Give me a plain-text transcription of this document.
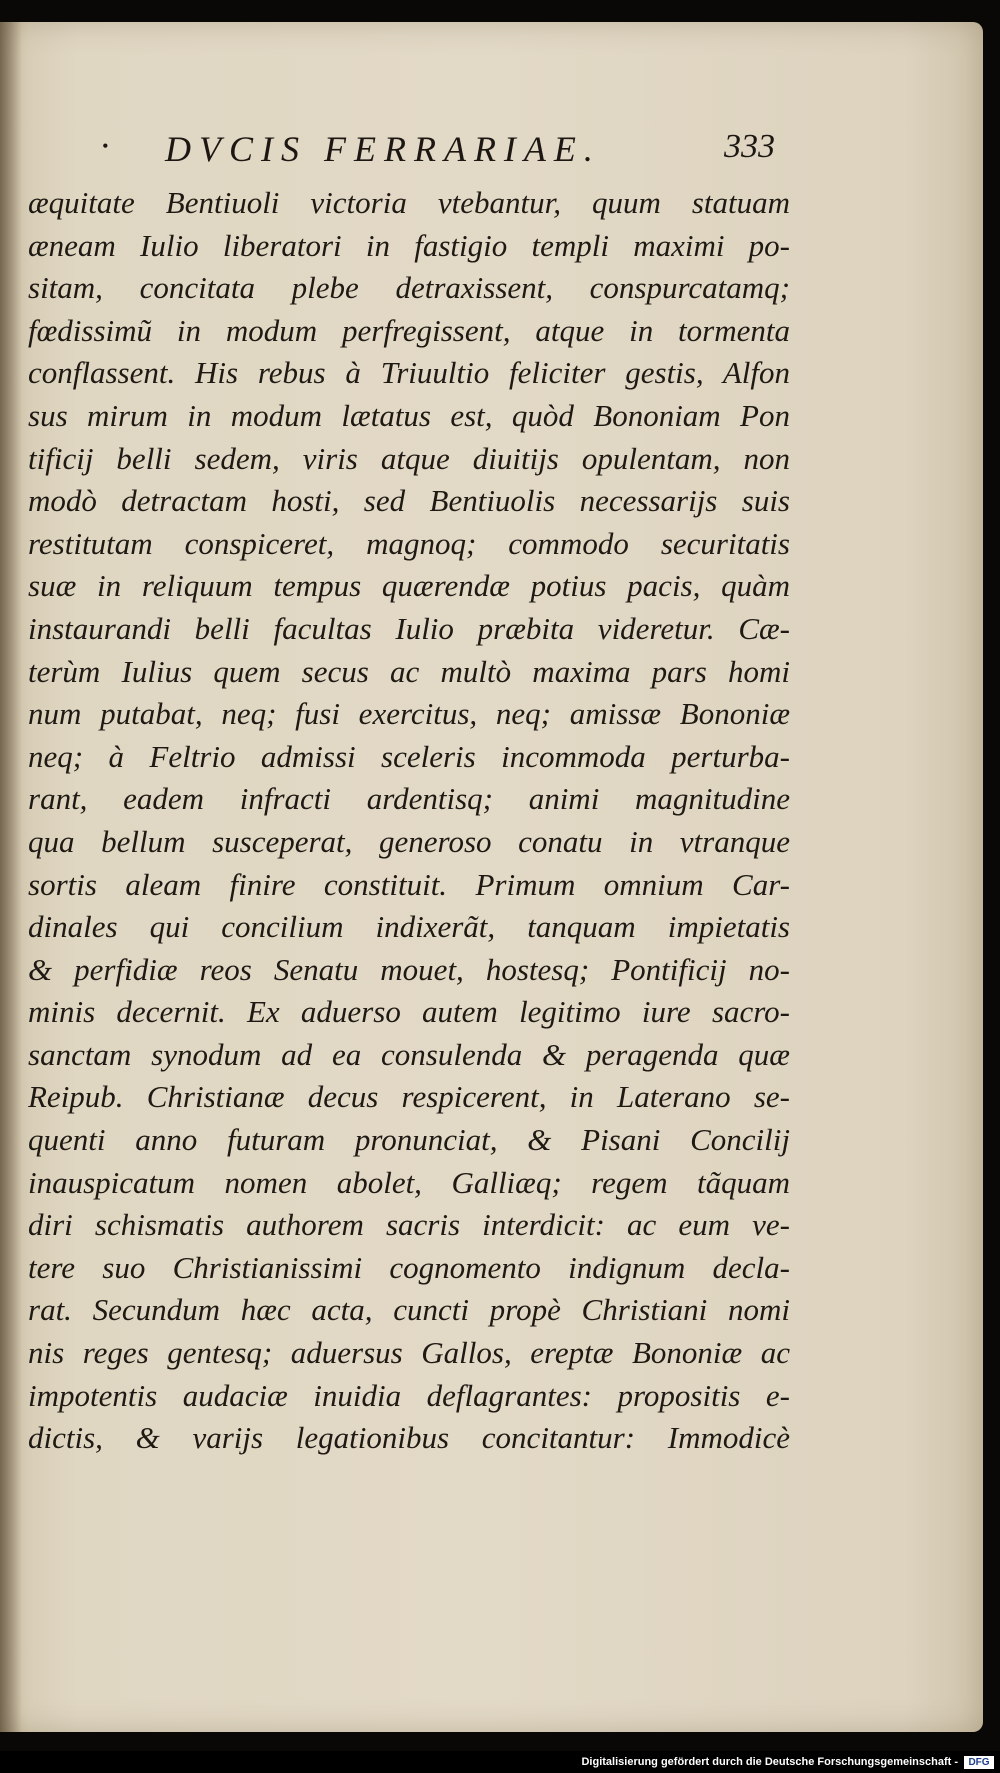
• DVCIS FERRARIAE.	333
æquitate Bentiuoli victoria vtebantur, quum statuam
æneam Iulio liberatori in fastigio templi maximi po-
sitam, concitata plebe detraxissent, conspurcatamq;
fœdissimũ in modum perfregissent, atque in tormenta
conflassent. His rebus à Triuultio feliciter gestis, Alfon
sus mirum in modum lætatus est, quòd Bononiam Pon
tificij belli sedem, viris atque diuitijs opulentam, non
modò detractam hosti, sed Bentiuolis necessarijs suis
restitutam conspiceret, magnoq; commodo securitatis
suæ in reliquum tempus quærendæ potius pacis, quàm
instaurandi belli facultas Iulio præbita videretur. Cæ-
terùm Iulius quem secus ac multò maxima pars homi
num putabat, neq; fusi exercitus, neq; amissæ Bononiæ
neq; à Feltrio admissi sceleris incommoda perturba-
rant, eadem infracti ardentisq; animi magnitudine
qua bellum susceperat, generoso conatu in vtranque
sortis aleam finire constituit. Primum omnium Car-
dinales qui concilium indixerãt, tanquam impietatis
& perfidiæ reos Senatu mouet, hostesq; Pontificij no-
minis decernit. Ex aduerso autem legitimo iure sacro-
sanctam synodum ad ea consulenda & peragenda quæ
Reipub. Christianæ decus respicerent, in Laterano se-
quenti anno futuram pronunciat, & Pisani Concilij
inauspicatum nomen abolet, Galliæq; regem tãquam
diri schismatis authorem sacris interdicit: ac eum ve-
tere suo Christianissimi cognomento indignum decla-
rat. Secundum hæc acta, cuncti propè Christiani nomi
nis reges gentesq; aduersus Gallos, ereptæ Bononiæ ac
impotentis audaciæ inuidia deflagrantes: propositis e-
dictis, & varijs legationibus concitantur: Immodicè
Digitalisierung gefördert durch die Deutsche Forschungsgemeinschaft -	DFG
